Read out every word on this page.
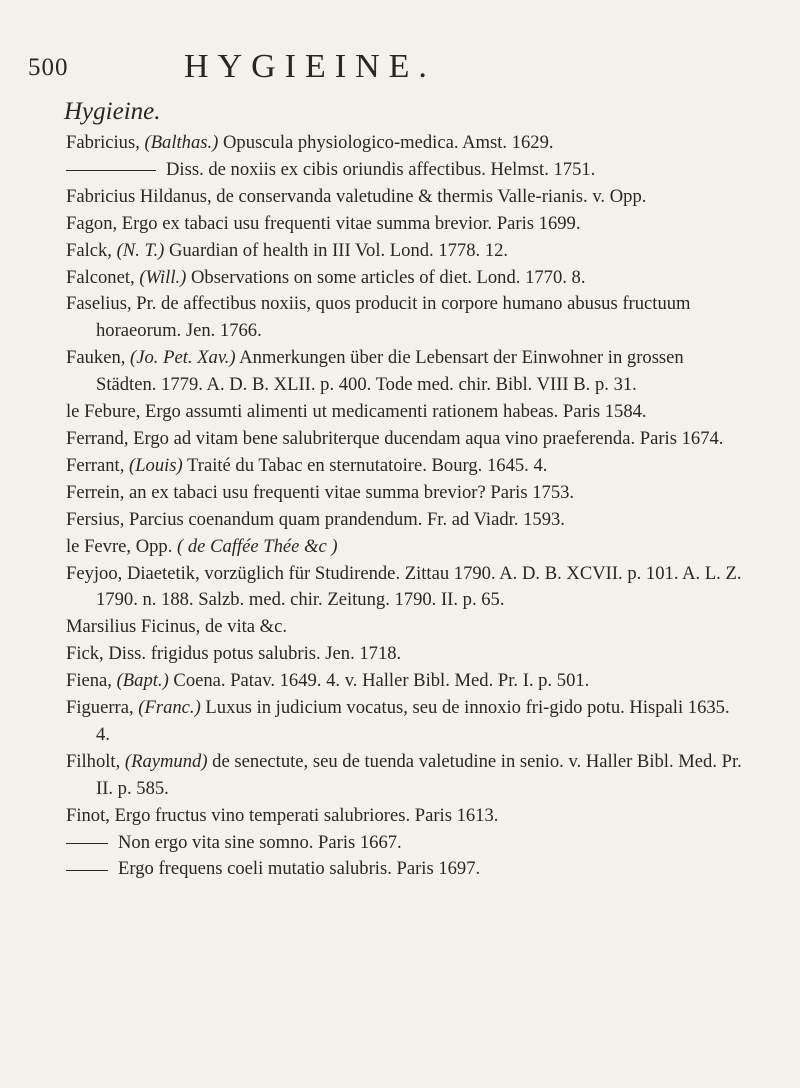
500	HYGIEINE.
Hygieine.

Fabricius, (Balthas.) Opuscula physiologico-medica. Amst. 1629.

Diss. de noxiis ex cibis oriundis affectibus. Helmst. 1751.

Fabricius Hildanus, de conservanda valetudine & thermis Valle-rianis. v. Opp.

Fagon, Ergo ex tabaci usu frequenti vitae summa brevior. Paris 1699.

Falck, (N. T.) Guardian of health in III Vol. Lond. 1778. 12.

Falconet, (Will.) Observations on some articles of diet. Lond. 1770. 8.

Faselius, Pr. de affectibus noxiis, quos producit in corpore humano abusus fructuum horaeorum. Jen. 1766.

Fauken, (Jo. Pet. Xav.) Anmerkungen über die Lebensart der Einwohner in grossen Städten. 1779. A. D. B. XLII. p. 400. Tode med. chir. Bibl. VIII B. p. 31.

le Febure, Ergo assumti alimenti ut medicamenti rationem habeas. Paris 1584.

Ferrand, Ergo ad vitam bene salubriterque ducendam aqua vino praeferenda. Paris 1674.

Ferrant, (Louis) Traité du Tabac en sternutatoire. Bourg. 1645. 4.

Ferrein, an ex tabaci usu frequenti vitae summa brevior? Paris 1753.

Fersius, Parcius coenandum quam prandendum. Fr. ad Viadr. 1593.

le Fevre, Opp. ( de Caffée Thée &c )

Feyjoo, Diaetetik, vorzüglich für Studirende. Zittau 1790. A. D. B. XCVII. p. 101. A. L. Z. 1790. n. 188. Salzb. med. chir. Zeitung. 1790. II. p. 65.

Marsilius Ficinus, de vita &c.

Fick, Diss. frigidus potus salubris. Jen. 1718.

Fiena, (Bapt.) Coena. Patav. 1649. 4. v. Haller Bibl. Med. Pr. I. p. 501.

Figuerra, (Franc.) Luxus in judicium vocatus, seu de innoxio fri-gido potu. Hispali 1635. 4.

Filholt, (Raymund) de senectute, seu de tuenda valetudine in senio. v. Haller Bibl. Med. Pr. II. p. 585.

Finot, Ergo fructus vino temperati salubriores. Paris 1613.

Non ergo vita sine somno. Paris 1667.

Ergo frequens coeli mutatio salubris. Paris 1697.
